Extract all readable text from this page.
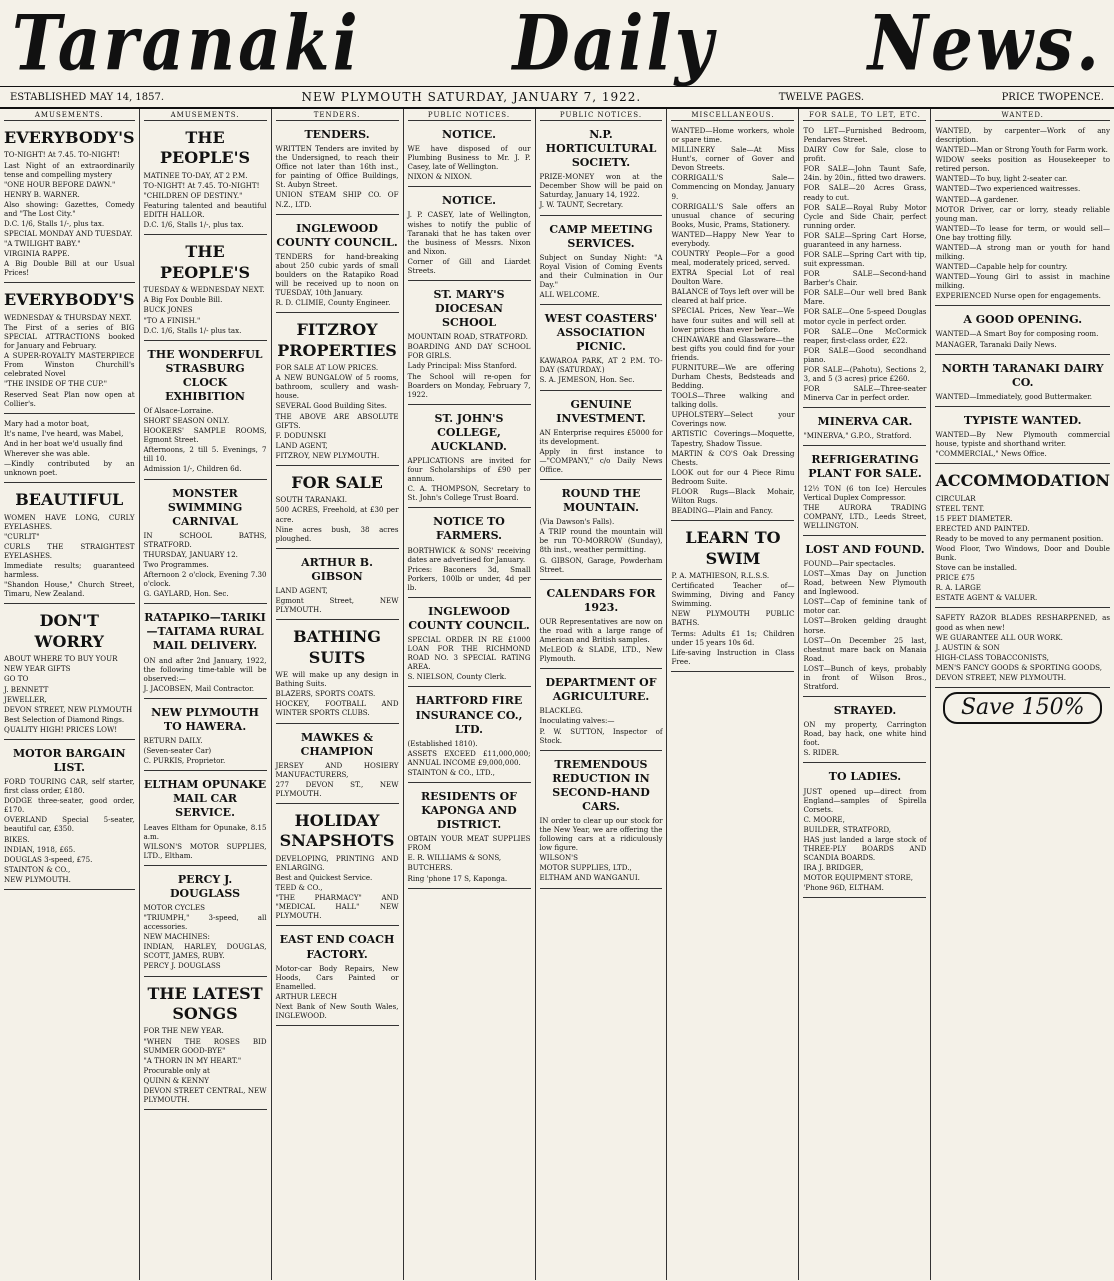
Taranaki Daily News.
ESTABLISHED MAY 14, 1857.	NEW PLYMOUTH SATURDAY, JANUARY 7, 1922.	TWELVE PAGES.	PRICE TWOPENCE.
AMUSEMENTS.
EVERYBODY'S
TO-NIGHT! At 7.45. TO-NIGHT!
Last Night of an extraordinarily tense and compelling mystery
"ONE HOUR BEFORE DAWN."
HENRY B. WARNER.
Also showing: Gazettes, Comedy and "The Lost City."
D.C. 1/6, Stalls 1/-, plus tax.
SPECIAL MONDAY AND TUESDAY.
"A TWILIGHT BABY."
VIRGINIA RAPPE.
A Big Double Bill at our Usual Prices!
EVERYBODY'S
WEDNESDAY & THURSDAY NEXT.
The First of a series of BIG SPECIAL ATTRACTIONS booked for January and February.
A SUPER-ROYALTY MASTERPIECE From Winston Churchill's celebrated Novel
"THE INSIDE OF THE CUP."
Reserved Seat Plan now open at Collier's.
Mary had a motor boat,
It's name, I've heard, was Mabel,
And in her boat we'd usually find
Wherever she was able.
—Kindly contributed by an unknown poet.
BEAUTIFUL
WOMEN HAVE LONG, CURLY EYELASHES.
"CURLIT"
CURLS THE STRAIGHTEST EYELASHES.
Immediate results; guaranteed harmless.
"Shandon House," Church Street, Timaru, New Zealand.
DON'T WORRY
ABOUT WHERE TO BUY YOUR
NEW YEAR GIFTS
GO TO
J. BENNETT
JEWELLER,
DEVON STREET, NEW PLYMOUTH
Best Selection of Diamond Rings.
QUALITY HIGH! PRICES LOW!
MOTOR BARGAIN LIST.
FORD TOURING CAR, self starter, first class order, £180.
DODGE three-seater, good order, £170.
OVERLAND Special 5-seater, beautiful car, £350.
BIKES.
INDIAN, 1918, £65.
DOUGLAS 3-speed, £75.
STAINTON & CO.,
NEW PLYMOUTH.
AMUSEMENTS.
THE PEOPLE'S
MATINEE TO-DAY, AT 2 P.M.
TO-NIGHT! At 7.45. TO-NIGHT!
"CHILDREN OF DESTINY."
Featuring talented and beautiful EDITH HALLOR.
D.C. 1/6, Stalls 1/-, plus tax.
THE PEOPLE'S
TUESDAY & WEDNESDAY NEXT.
A Big Fox Double Bill.
BUCK JONES
"TO A FINISH."
D.C. 1/6, Stalls 1/- plus tax.
THE WONDERFUL STRASBURG CLOCK EXHIBITION
Of Alsace-Lorraine.
SHORT SEASON ONLY.
HOOKERS' SAMPLE ROOMS, Egmont Street.
Afternoons, 2 till 5. Evenings, 7 till 10.
Admission 1/-, Children 6d.
MONSTER SWIMMING CARNIVAL
IN SCHOOL BATHS, STRATFORD.
THURSDAY, JANUARY 12.
Two Programmes.
Afternoon 2 o'clock, Evening 7.30 o'clock.
G. GAYLARD, Hon. Sec.
RATAPIKO—TARIKI—TAITAMA RURAL MAIL DELIVERY.
ON and after 2nd January, 1922, the following time-table will be observed:—
J. JACOBSEN, Mail Contractor.
NEW PLYMOUTH TO HAWERA.
RETURN DAILY.
(Seven-seater Car)
C. PURKIS, Proprietor.
ELTHAM OPUNAKE MAIL CAR SERVICE.
Leaves Eltham for Opunake, 8.15 a.m.
WILSON'S MOTOR SUPPLIES, LTD., Eltham.
PERCY J. DOUGLASS
MOTOR CYCLES
"TRIUMPH," 3-speed, all accessories.
NEW MACHINES:
INDIAN, HARLEY, DOUGLAS, SCOTT, JAMES, RUBY.
PERCY J. DOUGLASS
THE LATEST SONGS
FOR THE NEW YEAR.
"WHEN THE ROSES BID SUMMER GOOD-BYE"
"A THORN IN MY HEART."
Procurable only at
QUINN & KENNY
DEVON STREET CENTRAL, NEW PLYMOUTH.
TENDERS.
TENDERS.
WRITTEN Tenders are invited by the Undersigned, to reach their Office not later than 16th inst., for painting of Office Buildings, St. Aubyn Street.
UNION STEAM SHIP CO. OF N.Z., LTD.
INGLEWOOD COUNTY COUNCIL.
TENDERS for hand-breaking about 250 cubic yards of small boulders on the Ratapiko Road will be received up to noon on TUESDAY, 10th January.
R. D. CLIMIE, County Engineer.
FITZROY PROPERTIES
FOR SALE AT LOW PRICES.
A NEW BUNGALOW of 5 rooms, bathroom, scullery and wash-house.
SEVERAL Good Building Sites.
THE ABOVE ARE ABSOLUTE GIFTS.
F. DODUNSKI
LAND AGENT,
FITZROY, NEW PLYMOUTH.
FOR SALE
SOUTH TARANAKI.
500 ACRES, Freehold, at £30 per acre.
Nine acres bush, 38 acres ploughed.
ARTHUR B. GIBSON
LAND AGENT,
Egmont Street, NEW PLYMOUTH.
BATHING SUITS
WE will make up any design in Bathing Suits.
BLAZERS, SPORTS COATS.
HOCKEY, FOOTBALL AND WINTER SPORTS CLUBS.
MAWKES & CHAMPION
JERSEY AND HOSIERY MANUFACTURERS,
277 DEVON ST., NEW PLYMOUTH.
HOLIDAY SNAPSHOTS
DEVELOPING, PRINTING AND ENLARGING.
Best and Quickest Service.
TEED & CO.,
"THE PHARMACY" AND "MEDICAL HALL" NEW PLYMOUTH.
EAST END COACH FACTORY.
Motor-car Body Repairs, New Hoods, Cars Painted or Enamelled.
ARTHUR LEECH
Next Bank of New South Wales, INGLEWOOD.
PUBLIC NOTICES.
NOTICE.
WE have disposed of our Plumbing Business to Mr. J. P. Casey, late of Wellington.
NIXON & NIXON.
NOTICE.
J. P. CASEY, late of Wellington, wishes to notify the public of Taranaki that he has taken over the business of Messrs. Nixon and Nixon.
Corner of Gill and Liardet Streets.
ST. MARY'S DIOCESAN SCHOOL
MOUNTAIN ROAD, STRATFORD.
BOARDING AND DAY SCHOOL FOR GIRLS.
Lady Principal: Miss Stanford.
The School will re-open for Boarders on Monday, February 7, 1922.
ST. JOHN'S COLLEGE, AUCKLAND.
APPLICATIONS are invited for four Scholarships of £90 per annum.
C. A. THOMPSON, Secretary to St. John's College Trust Board.
NOTICE TO FARMERS.
BORTHWICK & SONS' receiving dates are advertised for January.
Prices: Baconers 3d, Small Porkers, 100lb or under, 4d per lb.
INGLEWOOD COUNTY COUNCIL.
SPECIAL ORDER IN RE £1000 LOAN FOR THE RICHMOND ROAD NO. 3 SPECIAL RATING AREA.
S. NIELSON, County Clerk.
HARTFORD FIRE INSURANCE CO., LTD.
(Established 1810).
ASSETS EXCEED £11,000,000; ANNUAL INCOME £9,000,000.
STAINTON & CO., LTD.,
RESIDENTS OF KAPONGA AND DISTRICT.
OBTAIN YOUR MEAT SUPPLIES FROM
E. R. WILLIAMS & SONS,
BUTCHERS.
Ring 'phone 17 S, Kaponga.
PUBLIC NOTICES.
N.P. HORTICULTURAL SOCIETY.
PRIZE-MONEY won at the December Show will be paid on Saturday, January 14, 1922.
J. W. TAUNT, Secretary.
CAMP MEETING SERVICES.
Subject on Sunday Night: "A Royal Vision of Coming Events and their Culmination in Our Day."
ALL WELCOME.
WEST COASTERS' ASSOCIATION PICNIC.
KAWAROA PARK, AT 2 P.M. TO-DAY (SATURDAY.)
S. A. JEMESON, Hon. Sec.
GENUINE INVESTMENT.
AN Enterprise requires £5000 for its development.
Apply in first instance to—"COMPANY," c/o Daily News Office.
ROUND THE MOUNTAIN.
(Via Dawson's Falls).
A TRIP round the mountain will be run TO-MORROW (Sunday), 8th inst., weather permitting.
G. GIBSON, Garage, Powderham Street.
CALENDARS FOR 1923.
OUR Representatives are now on the road with a large range of American and British samples.
McLEOD & SLADE, LTD., New Plymouth.
DEPARTMENT OF AGRICULTURE.
BLACKLEG.
Inoculating valves:—
P. W. SUTTON, Inspector of Stock.
TREMENDOUS REDUCTION IN SECOND-HAND CARS.
IN order to clear up our stock for the New Year, we are offering the following cars at a ridiculously low figure.
WILSON'S
MOTOR SUPPLIES, LTD.,
ELTHAM AND WANGANUI.
MISCELLANEOUS.
WANTED—Home workers, whole or spare time.
MILLINERY Sale—At Miss Hunt's, corner of Gover and Devon Streets.
CORRIGALL'S Sale—Commencing on Monday, January 9.
CORRIGALL'S Sale offers an unusual chance of securing Books, Music, Prams, Stationery.
WANTED—Happy New Year to everybody.
COUNTRY People—For a good meal, moderately priced, served.
EXTRA Special Lot of real Doulton Ware.
BALANCE of Toys left over will be cleared at half price.
SPECIAL Prices, New Year—We have four suites and will sell at lower prices than ever before.
CHINAWARE and Glassware—the best gifts you could find for your friends.
FURNITURE—We are offering Durham Chests, Bedsteads and Bedding.
TOOLS—Three walking and talking dolls.
UPHOLSTERY—Select your Coverings now.
ARTISTIC Coverings—Moquette, Tapestry, Shadow Tissue.
MARTIN & CO'S Oak Dressing Chests.
LOOK out for our 4 Piece Rimu Bedroom Suite.
FLOOR Rugs—Black Mohair, Wilton Rugs.
BEADING—Plain and Fancy.
LEARN TO SWIM
P. A. MATHIESON, R.L.S.S.
Certificated Teacher of—Swimming, Diving and Fancy Swimming.
NEW PLYMOUTH PUBLIC BATHS.
Terms: Adults £1 1s; Children under 15 years 10s 6d.
Life-saving Instruction in Class Free.
FOR SALE, TO LET, ETC.
TO LET—Furnished Bedroom, Pendarves Street.
DAIRY Cow for Sale, close to profit.
FOR SALE—John Taunt Safe, 24in. by 20in., fitted two drawers.
FOR SALE—20 Acres Grass, ready to cut.
FOR SALE—Royal Ruby Motor Cycle and Side Chair, perfect running order.
FOR SALE—Spring Cart Horse, guaranteed in any harness.
FOR SALE—Spring Cart with tip, suit expressman.
FOR SALE—Second-hand Barber's Chair.
FOR SALE—Our well bred Bank Mare.
FOR SALE—One 5-speed Douglas motor cycle in perfect order.
FOR SALE—One McCormick reaper, first-class order, £22.
FOR SALE—Good secondhand piano.
FOR SALE—(Pahotu), Sections 2, 3, and 5 (3 acres) price £260.
FOR SALE—Three-seater Minerva Car in perfect order.
MINERVA CAR.
"MINERVA," G.P.O., Stratford.
REFRIGERATING PLANT FOR SALE.
12½ TON (6 ton Ice) Hercules Vertical Duplex Compressor.
THE AURORA TRADING COMPANY, LTD., Leeds Street, WELLINGTON.
LOST AND FOUND.
FOUND—Pair spectacles.
LOST—Xmas Day on Junction Road, between New Plymouth and Inglewood.
LOST—Cap of feminine tank of motor car.
LOST—Broken gelding draught horse.
LOST—On December 25 last, chestnut mare back on Manaia Road.
LOST—Bunch of keys, probably in front of Wilson Bros., Stratford.
STRAYED.
ON my property, Carrington Road, bay hack, one white hind foot.
S. RIDER.
TO LADIES.
JUST opened up—direct from England—samples of Spirella Corsets.
C. MOORE,
BUILDER, STRATFORD,
HAS just landed a large stock of THREE-PLY BOARDS AND SCANDIA BOARDS.
IRA J. BRIDGER,
MOTOR EQUIPMENT STORE,
'Phone 96D, ELTHAM.
WANTED.
WANTED, by carpenter—Work of any description.
WANTED—Man or Strong Youth for Farm work.
WIDOW seeks position as Housekeeper to retired person.
WANTED—To buy, light 2-seater car.
WANTED—Two experienced waitresses.
WANTED—A gardener.
MOTOR Driver, car or lorry, steady reliable young man.
WANTED—To lease for term, or would sell—One bay trotting filly.
WANTED—A strong man or youth for hand milking.
WANTED—Capable help for country.
WANTED—Young Girl to assist in machine milking.
EXPERIENCED Nurse open for engagements.
A GOOD OPENING.
WANTED—A Smart Boy for composing room.
MANAGER, Taranaki Daily News.
NORTH TARANAKI DAIRY CO.
WANTED—Immediately, good Buttermaker.
TYPISTE WANTED.
WANTED—By New Plymouth commercial house, typiste and shorthand writer.
"COMMERCIAL," News Office.
ACCOMMODATION
CIRCULAR
STEEL TENT.
15 FEET DIAMETER.
ERECTED AND PAINTED.
Ready to be moved to any permanent position.
Wood Floor, Two Windows, Door and Double Bunk.
Stove can be installed.
PRICE £75
R. A. LARGE
ESTATE AGENT & VALUER.
SAFETY RAZOR BLADES RESHARPENED, as good as when new!
WE GUARANTEE ALL OUR WORK.
J. AUSTIN & SON
HIGH-CLASS TOBACCONISTS,
MEN'S FANCY GOODS & SPORTING GOODS,
DEVON STREET, NEW PLYMOUTH.
Save 150%
